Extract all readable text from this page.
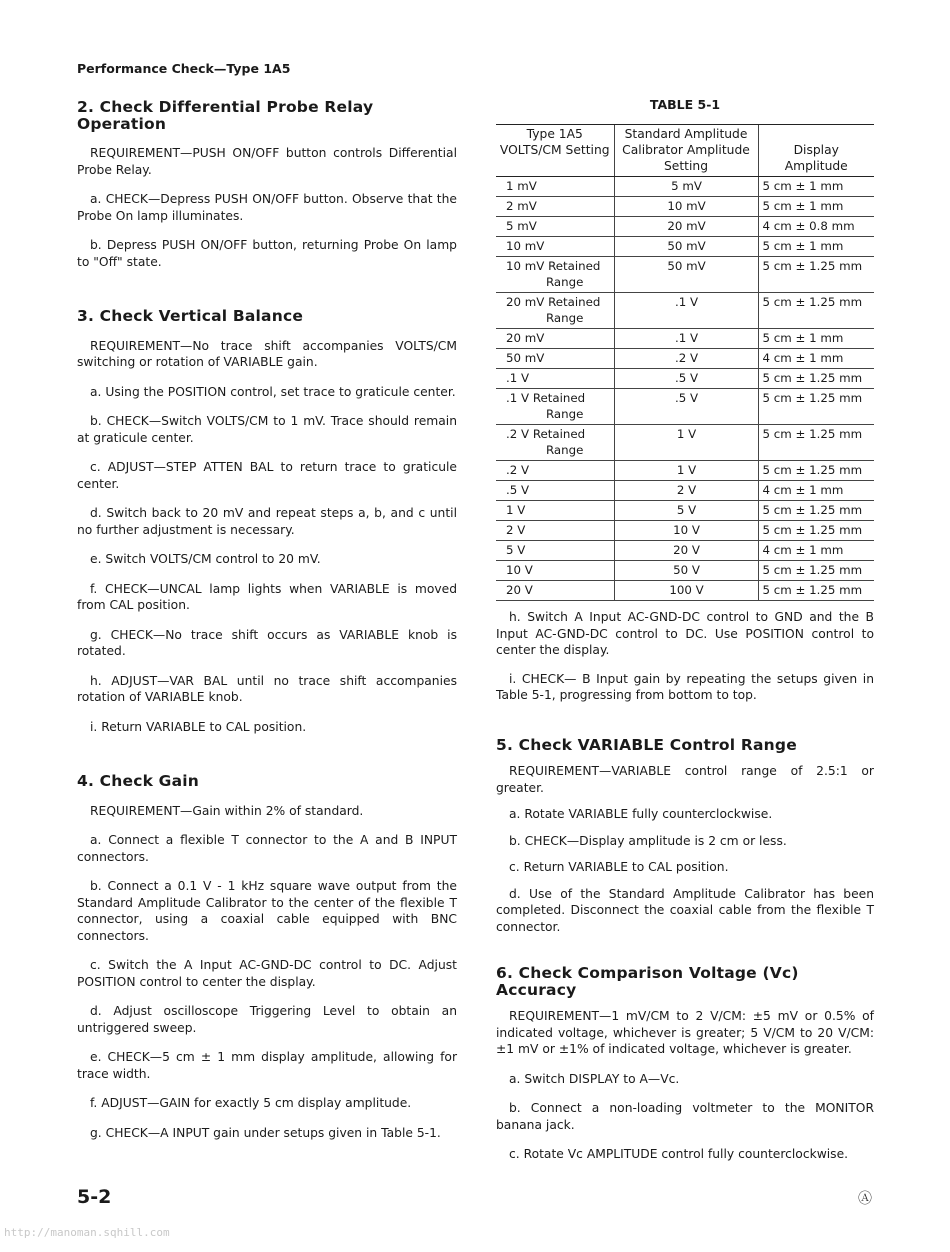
Performance Check—Type 1A5
2. Check Differential Probe Relay Operation

REQUIREMENT—PUSH ON/OFF button controls Differential Probe Relay.

a. CHECK—Depress PUSH ON/OFF button. Observe that the Probe On lamp illuminates.

b. Depress PUSH ON/OFF button, returning Probe On lamp to "Off" state.

3. Check Vertical Balance

REQUIREMENT—No trace shift accompanies VOLTS/CM switching or rotation of VARIABLE gain.

a. Using the POSITION control, set trace to graticule center.

b. CHECK—Switch VOLTS/CM to 1 mV. Trace should remain at graticule center.

c. ADJUST—STEP ATTEN BAL to return trace to graticule center.

d. Switch back to 20 mV and repeat steps a, b, and c until no further adjustment is necessary.

e. Switch VOLTS/CM control to 20 mV.

f. CHECK—UNCAL lamp lights when VARIABLE is moved from CAL position.

g. CHECK—No trace shift occurs as VARIABLE knob is rotated.

h. ADJUST—VAR BAL until no trace shift accompanies rotation of VARIABLE knob.

i. Return VARIABLE to CAL position.

4. Check Gain

REQUIREMENT—Gain within 2% of standard.

a. Connect a flexible T connector to the A and B INPUT connectors.

b. Connect a 0.1 V - 1 kHz square wave output from the Standard Amplitude Calibrator to the center of the flexible T connector, using a coaxial cable equipped with BNC connectors.

c. Switch the A Input AC-GND-DC control to DC. Adjust POSITION control to center the display.

d. Adjust oscilloscope Triggering Level to obtain an untriggered sweep.

e. CHECK—5 cm ± 1 mm display amplitude, allowing for trace width.

f. ADJUST—GAIN for exactly 5 cm display amplitude.

g. CHECK—A INPUT gain under setups given in Table 5-1.

TABLE 5-1
Type 1A5 VOLTS/CM Setting	Standard Amplitude Calibrator Amplitude Setting	Display Amplitude
1 mV	5 mV	5 cm ± 1 mm
2 mV	10 mV	5 cm ± 1 mm
5 mV	20 mV	4 cm ± 0.8 mm
10 mV	50 mV	5 cm ± 1 mm

10 mV Retained
Range	50 mV	5 cm ± 1.25 mm

20 mV Retained
Range	.1 V	5 cm ± 1.25 mm
20 mV	.1 V	5 cm ± 1 mm
50 mV	.2 V	4 cm ± 1 mm
.1 V	.5 V	5 cm ± 1.25 mm

.1 V Retained
Range	.5 V	5 cm ± 1.25 mm

.2 V Retained
Range	1 V	5 cm ± 1.25 mm
.2 V	1 V	5 cm ± 1.25 mm
.5 V	2 V	4 cm ± 1 mm
1 V	5 V	5 cm ± 1.25 mm
2 V	10 V	5 cm ± 1.25 mm
5 V	20 V	4 cm ± 1 mm
10 V	50 V	5 cm ± 1.25 mm
20 V	100 V	5 cm ± 1.25 mm

h. Switch A Input AC-GND-DC control to GND and the B Input AC-GND-DC control to DC. Use POSITION control to center the display.

i. CHECK— B Input gain by repeating the setups given in Table 5-1, progressing from bottom to top.

5. Check VARIABLE Control Range

REQUIREMENT—VARIABLE control range of 2.5:1 or greater.

a. Rotate VARIABLE fully counterclockwise.

b. CHECK—Display amplitude is 2 cm or less.

c. Return VARIABLE to CAL position.

d. Use of the Standard Amplitude Calibrator has been completed. Disconnect the coaxial cable from the flexible T connector.

6. Check Comparison Voltage (Vc) Accuracy

REQUIREMENT—1 mV/CM to 2 V/CM: ±5 mV or 0.5% of indicated voltage, whichever is greater; 5 V/CM to 20 V/CM: ±1 mV or ±1% of indicated voltage, whichever is greater.

a. Switch DISPLAY to A—Vc.

b. Connect a non-loading voltmeter to the MONITOR banana jack.

c. Rotate Vc AMPLITUDE control fully counterclockwise.

5-2	Ⓐ
http://manoman.sqhill.com
